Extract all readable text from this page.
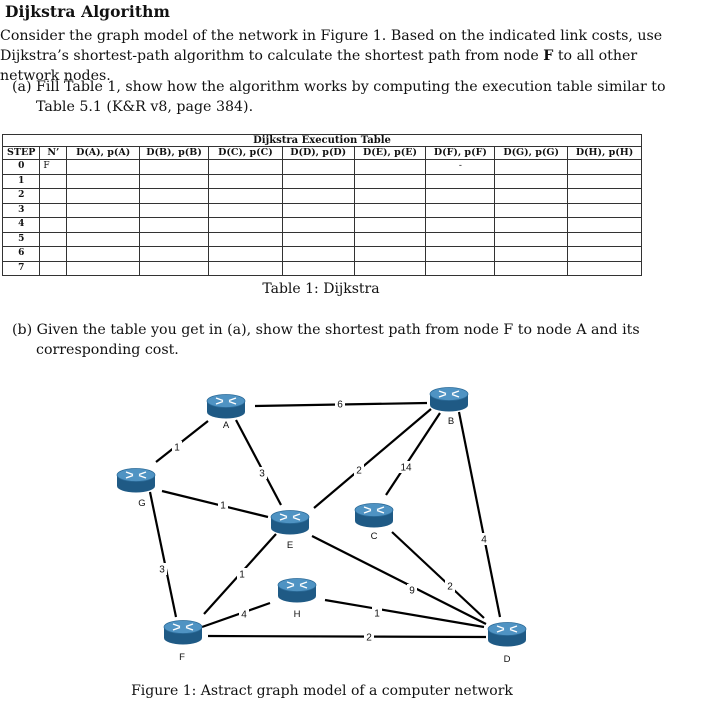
Dijkstra Algorithm
Consider the graph model of the network in Figure 1. Based on the indicated link costs, use Dijkstra’s shortest-path algorithm to calculate the shortest path from node F to all other network nodes.
(a) Fill Table 1, show how the algorithm works by computing the execution table similar to Table 5.1 (K&R v8, page 384).
Dijkstra Execution Table									
STEP	N’	D(A), p(A)	D(B), p(B)	D(C), p(C)	D(D), p(D)	D(E), p(E)	D(F), p(F)	D(G), p(G)	D(H), p(H)
0	F						-		
1									
2									
3									
4									
5									
6									
7									
Table 1: Dijkstra
(b) Given the table you get in (a), show the shortest path from node F to node A and its corresponding cost.
6
1
3
1
3	1
2	14
2
4
4	1
2
9
A	B
C
D
E
F
G
H
Figure 1: Astract graph model of a computer network
